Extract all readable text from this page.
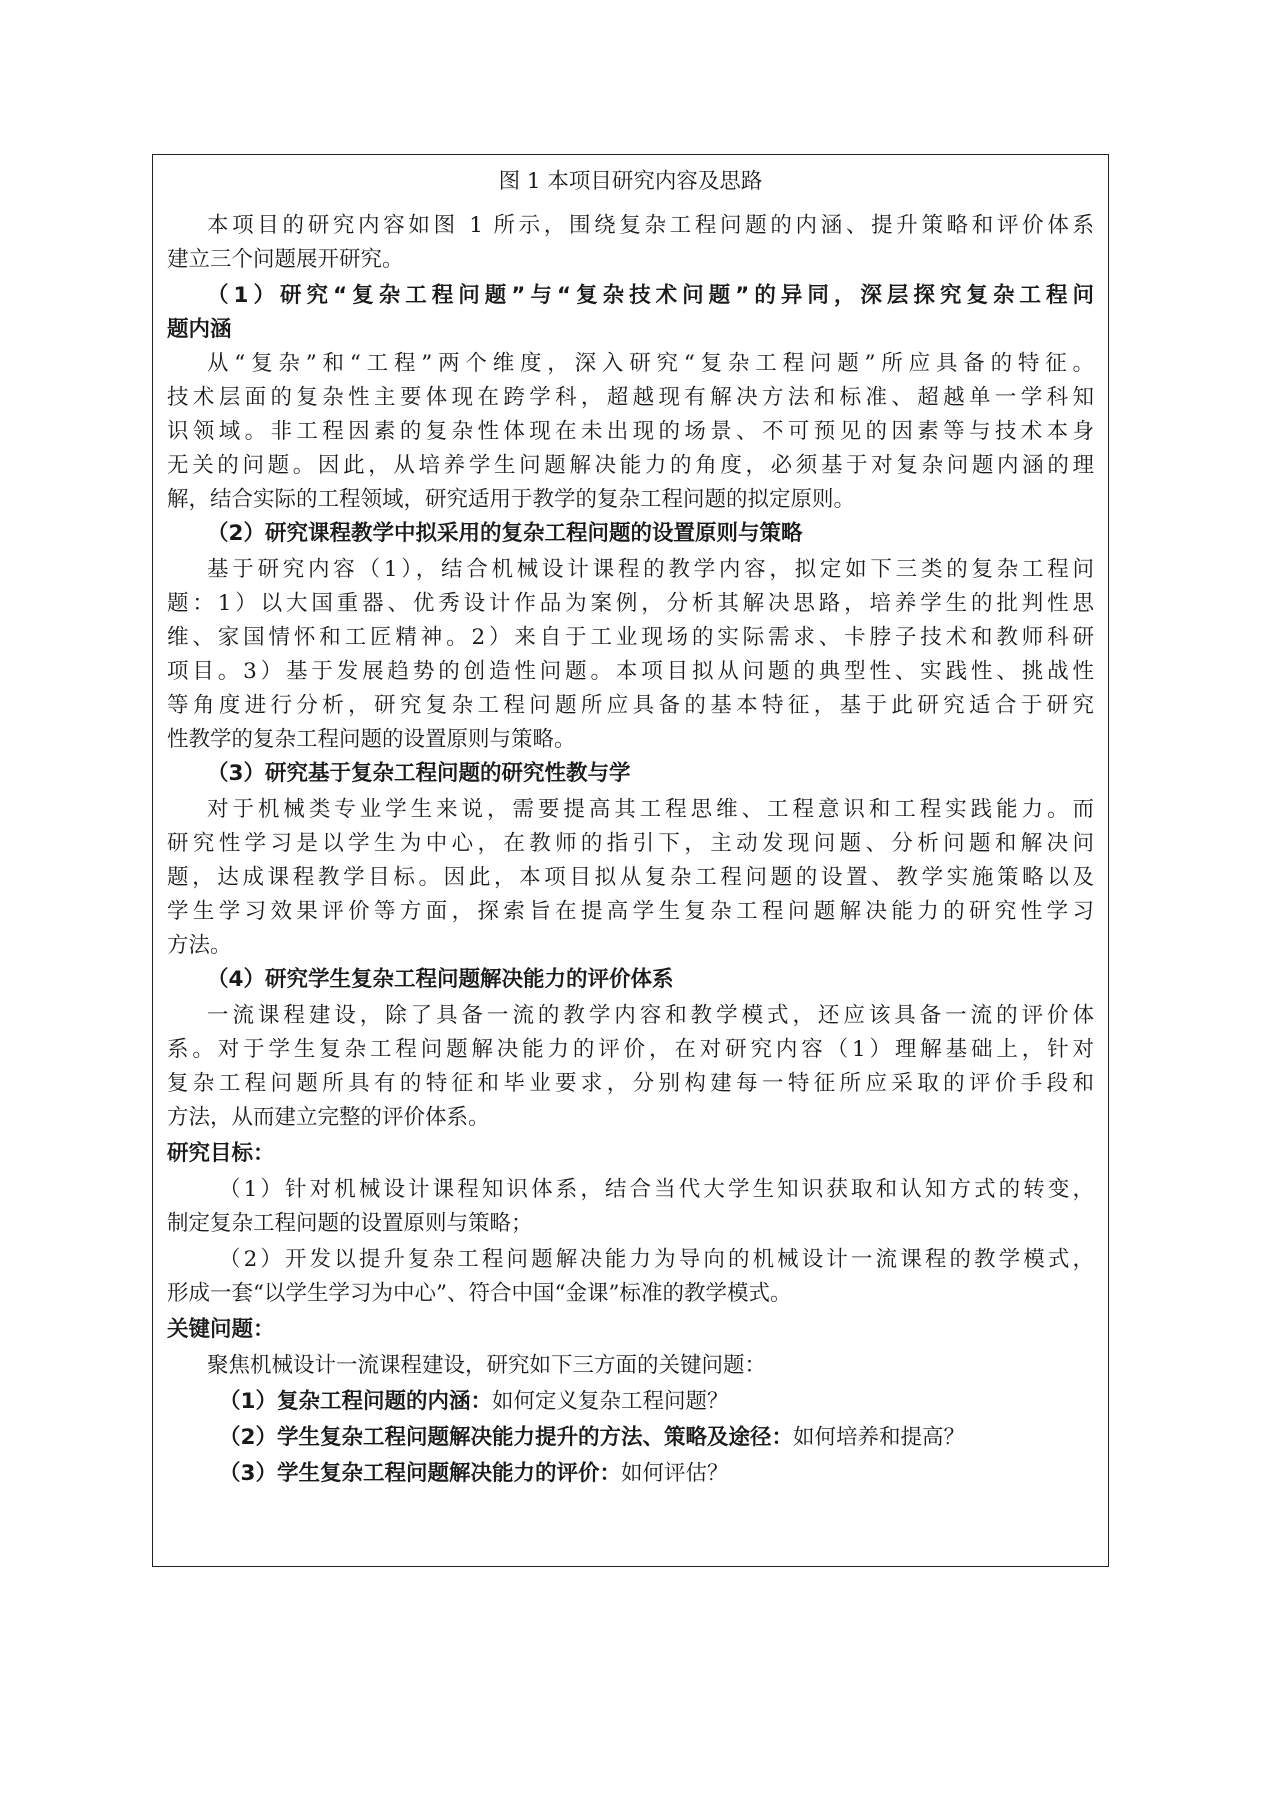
图 1 本项目研究内容及思路
本项目的研究内容如图 1 所示，围绕复杂工程问题的内涵、提升策略和评价体系
建立三个问题展开研究。
（1）研究“复杂工程问题”与“复杂技术问题”的异同，深层探究复杂工程问
题内涵
从“复杂”和“工程”两个维度，深入研究“复杂工程问题”所应具备的特征。
技术层面的复杂性主要体现在跨学科，超越现有解决方法和标准、超越单一学科知
识领域。非工程因素的复杂性体现在未出现的场景、不可预见的因素等与技术本身
无关的问题。因此，从培养学生问题解决能力的角度，必须基于对复杂问题内涵的理
解，结合实际的工程领域，研究适用于教学的复杂工程问题的拟定原则。
（2）研究课程教学中拟采用的复杂工程问题的设置原则与策略
基于研究内容（1），结合机械设计课程的教学内容，拟定如下三类的复杂工程问
题：1）以大国重器、优秀设计作品为案例，分析其解决思路，培养学生的批判性思
维、家国情怀和工匠精神。2）来自于工业现场的实际需求、卡脖子技术和教师科研
项目。3）基于发展趋势的创造性问题。本项目拟从问题的典型性、实践性、挑战性
等角度进行分析，研究复杂工程问题所应具备的基本特征，基于此研究适合于研究
性教学的复杂工程问题的设置原则与策略。
（3）研究基于复杂工程问题的研究性教与学
对于机械类专业学生来说，需要提高其工程思维、工程意识和工程实践能力。而
研究性学习是以学生为中心，在教师的指引下，主动发现问题、分析问题和解决问
题，达成课程教学目标。因此，本项目拟从复杂工程问题的设置、教学实施策略以及
学生学习效果评价等方面，探索旨在提高学生复杂工程问题解决能力的研究性学习
方法。
（4）研究学生复杂工程问题解决能力的评价体系
一流课程建设，除了具备一流的教学内容和教学模式，还应该具备一流的评价体
系。对于学生复杂工程问题解决能力的评价，在对研究内容（1）理解基础上，针对
复杂工程问题所具有的特征和毕业要求，分别构建每一特征所应采取的评价手段和
方法，从而建立完整的评价体系。
研究目标：
（1）针对机械设计课程知识体系，结合当代大学生知识获取和认知方式的转变，
制定复杂工程问题的设置原则与策略；
（2）开发以提升复杂工程问题解决能力为导向的机械设计一流课程的教学模式，
形成一套“以学生学习为中心”、符合中国“金课”标准的教学模式。
关键问题：
聚焦机械设计一流课程建设，研究如下三方面的关键问题：
（1）复杂工程问题的内涵：如何定义复杂工程问题？
（2）学生复杂工程问题解决能力提升的方法、策略及途径：如何培养和提高？
（3）学生复杂工程问题解决能力的评价：如何评估？
